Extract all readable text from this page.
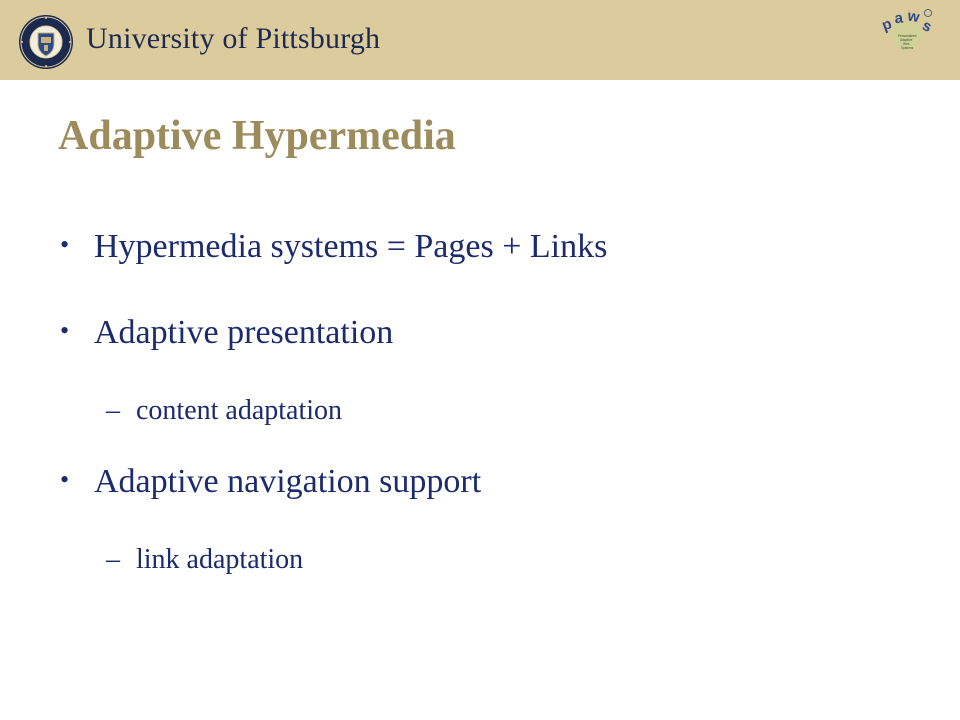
University of Pittsburgh	p a w
s
Personalized
Adaptive
Web
Systems
Adaptive Hypermedia
• Hypermedia systems = Pages + Links
• Adaptive presentation
– content adaptation
• Adaptive navigation support
– link adaptation
